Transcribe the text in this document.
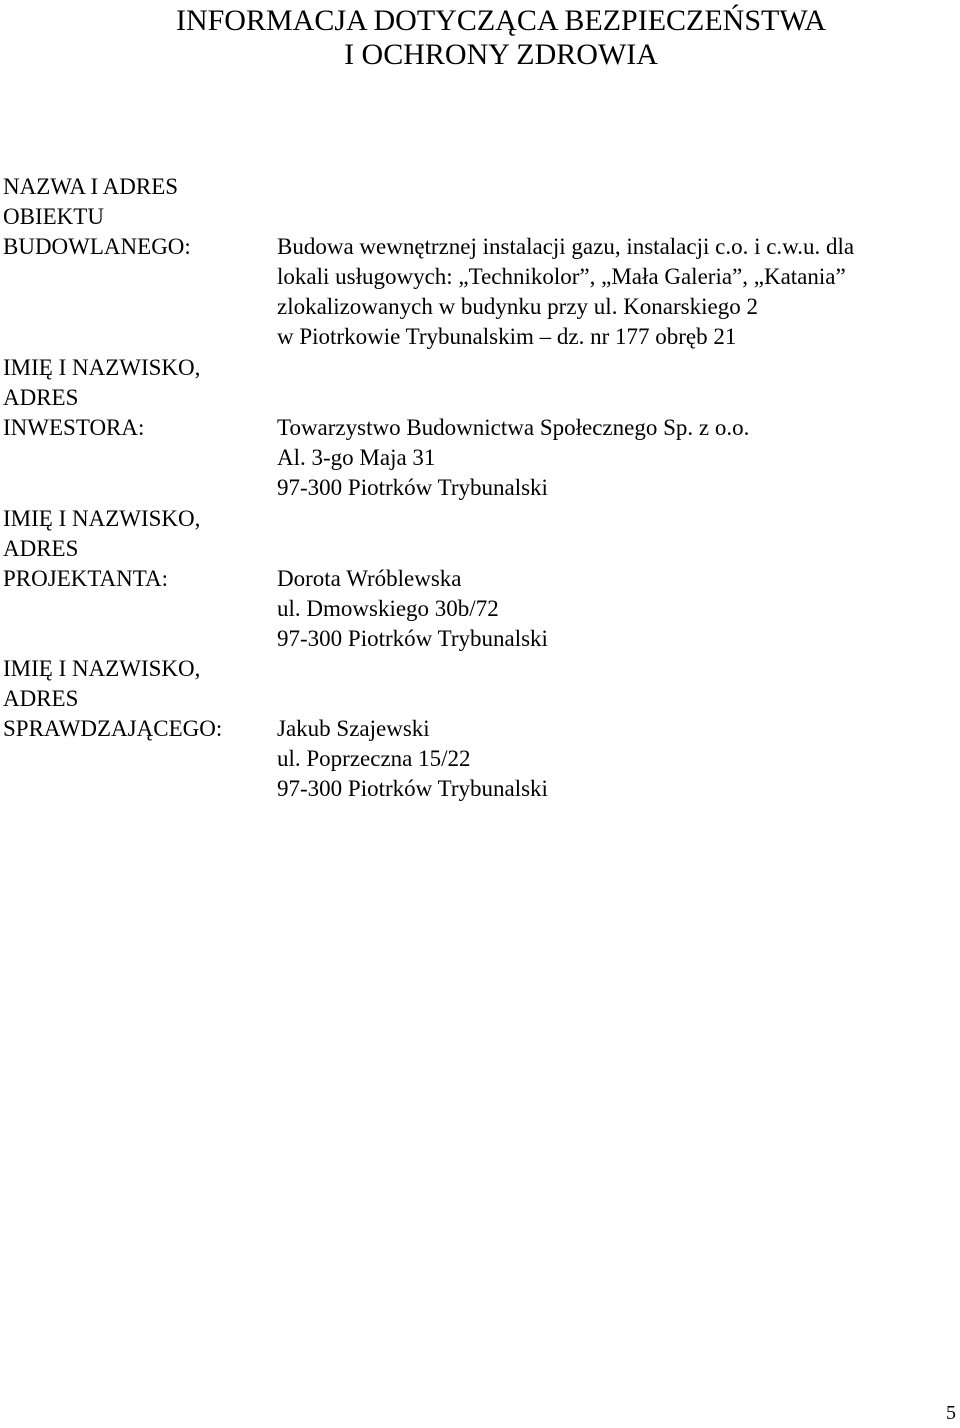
INFORMACJA DOTYCZĄCA BEZPIECZEŃSTWA
I OCHRONY ZDROWIA
NAZWA I ADRES
OBIEKTU
BUDOWLANEGO:	Budowa wewnętrznej instalacji gazu, instalacji c.o. i c.w.u. dla
lokali usługowych: „Technikolor”, „Mała Galeria”, „Katania”
zlokalizowanych w budynku przy ul. Konarskiego 2
w Piotrkowie Trybunalskim – dz. nr 177 obręb 21
IMIĘ I NAZWISKO,
ADRES
INWESTORA:	Towarzystwo Budownictwa Społecznego Sp. z o.o.
Al. 3-go Maja 31
97-300 Piotrków Trybunalski
IMIĘ I NAZWISKO,
ADRES
PROJEKTANTA:	Dorota Wróblewska
ul. Dmowskiego 30b/72
97-300 Piotrków Trybunalski
IMIĘ I NAZWISKO,
ADRES
SPRAWDZAJĄCEGO:	Jakub Szajewski
ul. Poprzeczna 15/22
97-300 Piotrków Trybunalski
5
